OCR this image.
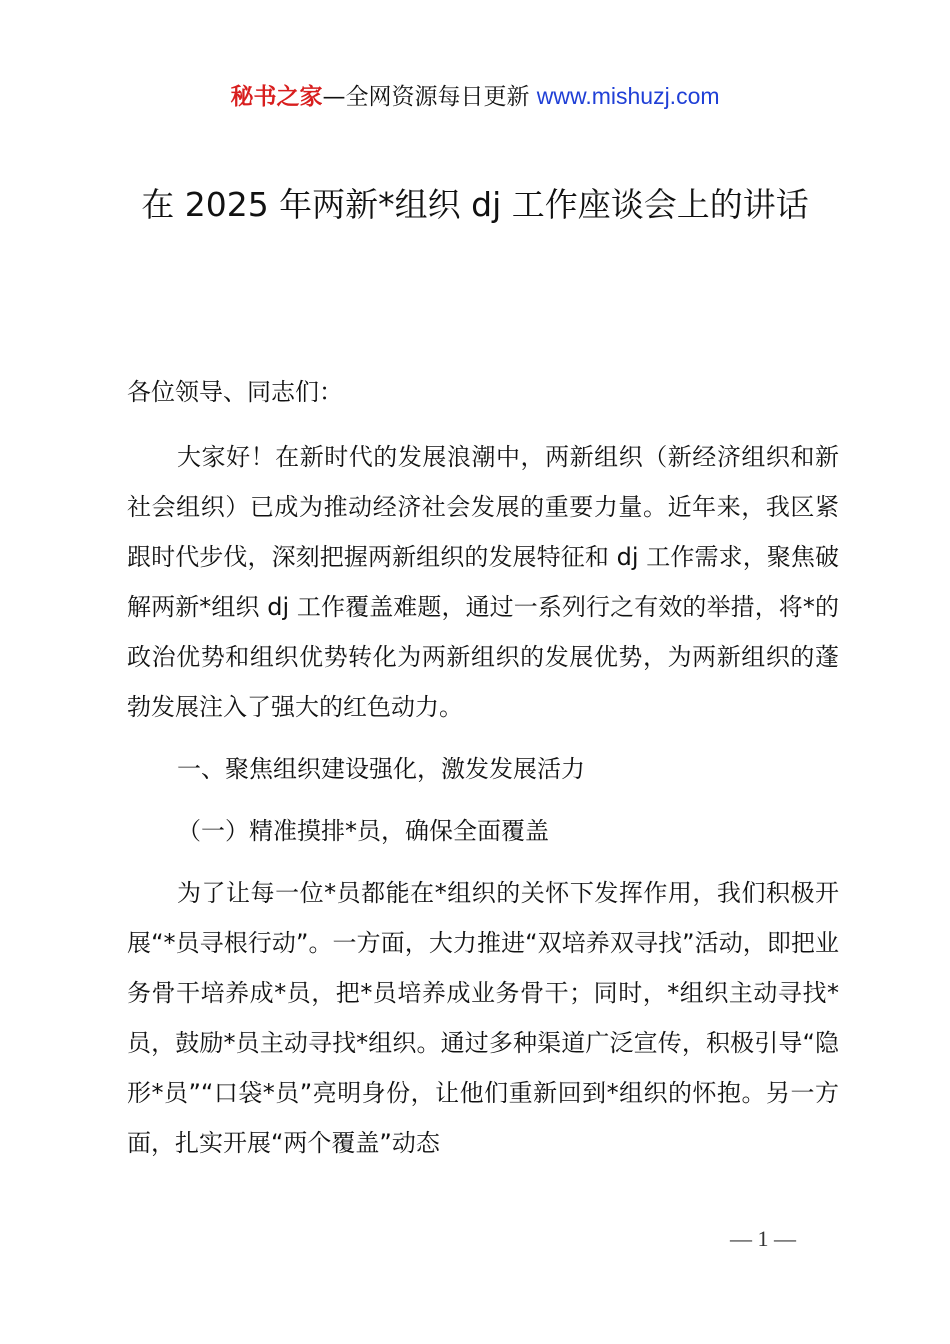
秘书之家—全网资源每日更新 www.mishuzj.com
在 2025 年两新*组织 dj 工作座谈会上的讲话
各位领导、同志们：

大家好！在新时代的发展浪潮中，两新组织（新经济组织和新社会组织）已成为推动经济社会发展的重要力量。近年来，我区紧跟时代步伐，深刻把握两新组织的发展特征和 dj 工作需求，聚焦破解两新*组织 dj 工作覆盖难题，通过一系列行之有效的举措，将*的政治优势和组织优势转化为两新组织的发展优势，为两新组织的蓬勃发展注入了强大的红色动力。

一、聚焦组织建设强化，激发发展活力
（一）精准摸排*员，确保全面覆盖

为了让每一位*员都能在*组织的关怀下发挥作用，我们积极开展“*员寻根行动”。一方面，大力推进“双培养双寻找”活动，即把业务骨干培养成*员，把*员培养成业务骨干；同时，*组织主动寻找*员，鼓励*员主动寻找*组织。通过多种渠道广泛宣传，积极引导“隐形*员”“口袋*员”亮明身份，让他们重新回到*组织的怀抱。另一方面，扎实开展“两个覆盖”动态

— 1 —
